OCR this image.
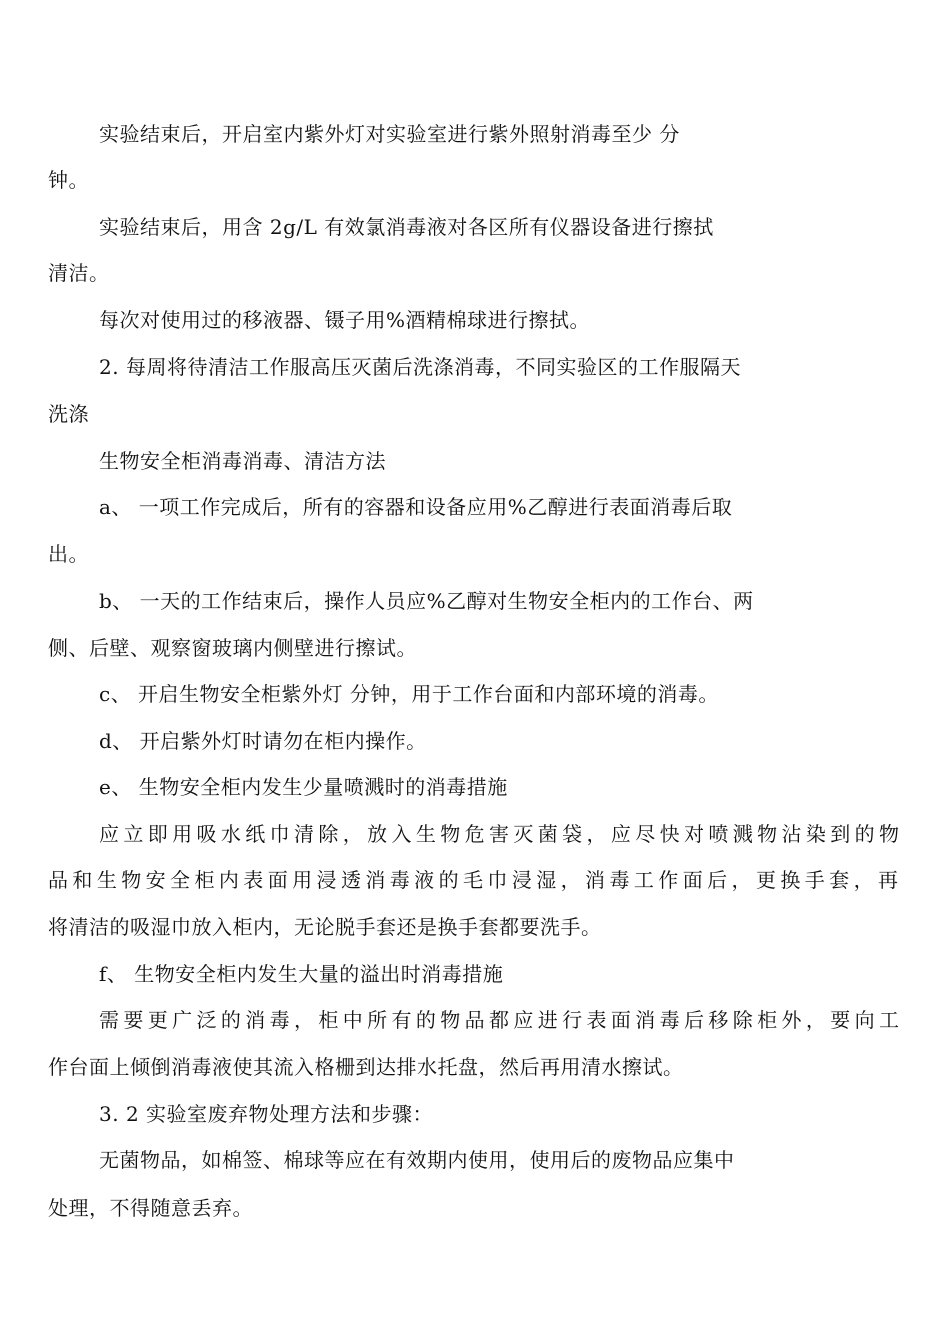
实验结束后，开启室内紫外灯对实验室进行紫外照射消毒至少 分
钟。
实验结束后，用含 2g/L 有效氯消毒液对各区所有仪器设备进行擦拭
清洁。
每次对使用过的移液器、镊子用%酒精棉球进行擦拭。
2. 每周将待清洁工作服高压灭菌后洗涤消毒，不同实验区的工作服隔天
洗涤
生物安全柜消毒消毒、清洁方法
a、 一项工作完成后，所有的容器和设备应用%乙醇进行表面消毒后取
出。
b、 一天的工作结束后，操作人员应%乙醇对生物安全柜内的工作台、两
侧、后壁、观察窗玻璃内侧壁进行擦试。
c、 开启生物安全柜紫外灯 分钟，用于工作台面和内部环境的消毒。
d、 开启紫外灯时请勿在柜内操作。
e、 生物安全柜内发生少量喷溅时的消毒措施
应立即用吸水纸巾清除，放入生物危害灭菌袋，应尽快对喷溅物沾染到的物
品和生物安全柜内表面用浸透消毒液的毛巾浸湿，消毒工作面后，更换手套，再
将清洁的吸湿巾放入柜内，无论脱手套还是换手套都要洗手。
f、 生物安全柜内发生大量的溢出时消毒措施
需要更广泛的消毒，柜中所有的物品都应进行表面消毒后移除柜外，要向工
作台面上倾倒消毒液使其流入格栅到达排水托盘，然后再用清水擦试。
3. 2 实验室废弃物处理方法和步骤：
无菌物品，如棉签、棉球等应在有效期内使用，使用后的废物品应集中
处理，不得随意丢弃。
